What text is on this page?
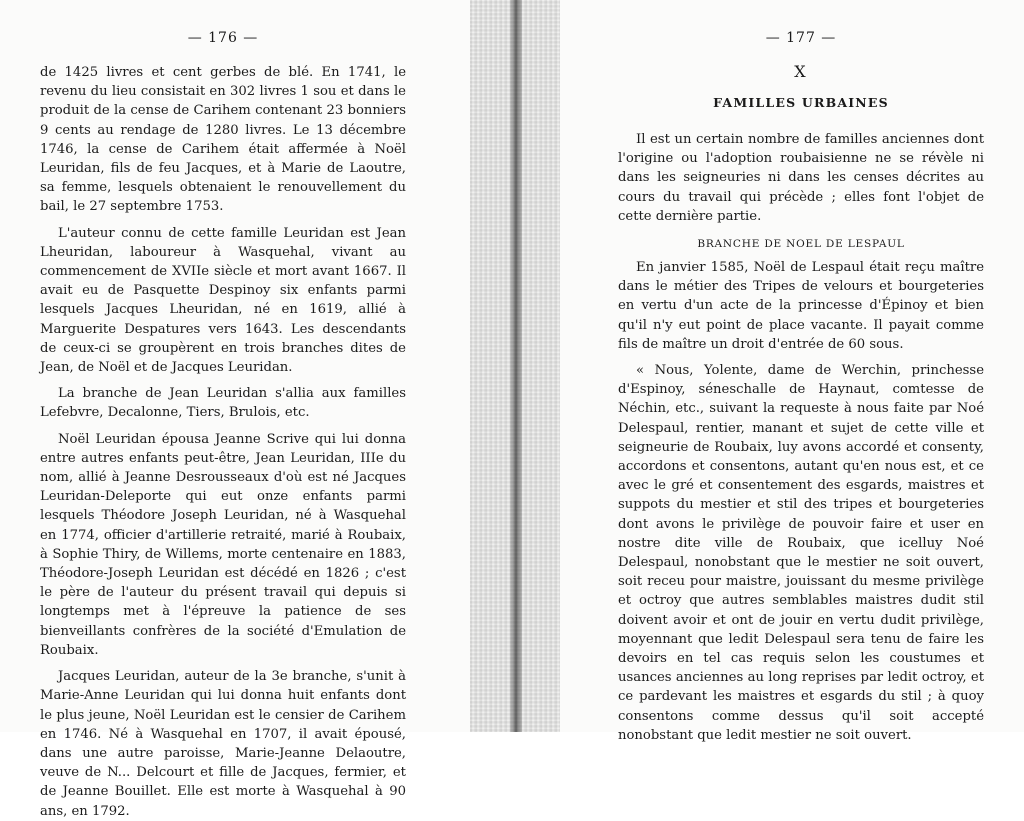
— 176 —

de 1425 livres et cent gerbes de blé. En 1741, le revenu du lieu consistait en 302 livres 1 sou et dans le produit de la cense de Carihem contenant 23 bonniers 9 cents au rendage de 1280 livres. Le 13 décembre 1746, la cense de Carihem était affermée à Noël Leuridan, fils de feu Jacques, et à Marie de Laoutre, sa femme, lesquels obtenaient le renouvellement du bail, le 27 septembre 1753.

L'auteur connu de cette famille Leuridan est Jean Lheuridan, laboureur à Wasquehal, vivant au commencement de XVIIe siècle et mort avant 1667. Il avait eu de Pasquette Despinoy six enfants parmi lesquels Jacques Lheuridan, né en 1619, allié à Marguerite Despatures vers 1643. Les descendants de ceux-ci se groupèrent en trois branches dites de Jean, de Noël et de Jacques Leuridan.

La branche de Jean Leuridan s'allia aux familles Lefebvre, Decalonne, Tiers, Brulois, etc.

Noël Leuridan épousa Jeanne Scrive qui lui donna entre autres enfants peut-être, Jean Leuridan, IIIe du nom, allié à Jeanne Desrousseaux d'où est né Jacques Leuridan-Deleporte qui eut onze enfants parmi lesquels Théodore Joseph Leuridan, né à Wasquehal en 1774, officier d'artillerie retraité, marié à Roubaix, à Sophie Thiry, de Willems, morte centenaire en 1883, Théodore-Joseph Leuridan est décédé en 1826 ; c'est le père de l'auteur du présent travail qui depuis si longtemps met à l'épreuve la patience de ses bienveillants confrères de la société d'Emulation de Roubaix.

Jacques Leuridan, auteur de la 3e branche, s'unit à Marie-Anne Leuridan qui lui donna huit enfants dont le plus jeune, Noël Leuridan est le censier de Carihem en 1746. Né à Wasquehal en 1707, il avait épousé, dans une autre paroisse, Marie-Jeanne Delaoutre, veuve de N... Delcourt et fille de Jacques, fermier, et de Jeanne Bouillet. Elle est morte à Wasquehal à 90 ans, en 1792.

— 177 —
X
FAMILLES URBAINES

Il est un certain nombre de familles anciennes dont l'origine ou l'adoption roubaisienne ne se révèle ni dans les seigneuries ni dans les censes décrites au cours du travail qui précède ; elles font l'objet de cette dernière partie.

BRANCHE DE NOEL DE LESPAUL

En janvier 1585, Noël de Lespaul était reçu maître dans le métier des Tripes de velours et bourgeteries en vertu d'un acte de la princesse d'Épinoy et bien qu'il n'y eut point de place vacante. Il payait comme fils de maître un droit d'entrée de 60 sous.

« Nous, Yolente, dame de Werchin, princhesse d'Espinoy, séneschalle de Haynaut, comtesse de Néchin, etc., suivant la requeste à nous faite par Noé Delespaul, rentier, manant et sujet de cette ville et seigneurie de Roubaix, luy avons accordé et consenty, accordons et consentons, autant qu'en nous est, et ce avec le gré et consentement des esgards, maistres et suppots du mestier et stil des tripes et bourgeteries dont avons le privilège de pouvoir faire et user en nostre dite ville de Roubaix, que icelluy Noé Delespaul, nonobstant que le mestier ne soit ouvert, soit receu pour maistre, jouissant du mesme privilège et octroy que autres semblables maistres dudit stil doivent avoir et ont de jouir en vertu dudit privilège, moyennant que ledit Delespaul sera tenu de faire les devoirs en tel cas requis selon les coustumes et usances anciennes au long reprises par ledit octroy, et ce pardevant les maistres et esgards du stil ; à quoy consentons comme dessus qu'il soit accepté nonobstant que ledit mestier ne soit ouvert.
